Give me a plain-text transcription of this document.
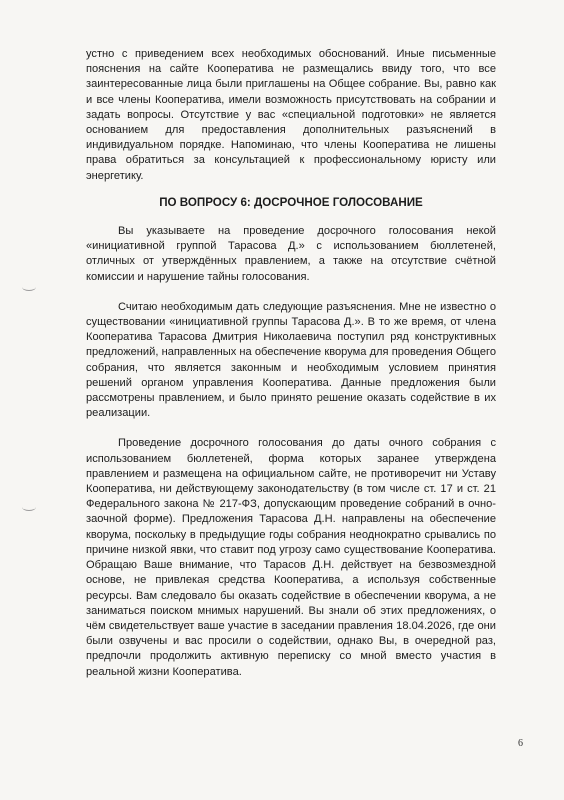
устно с приведением всех необходимых обоснований. Иные письменные пояснения на сайте Кооператива не размещались ввиду того, что все заинтересованные лица были приглашены на Общее собрание. Вы, равно как и все члены Кооператива, имели возможность присутствовать на собрании и задать вопросы. Отсутствие у вас «специальной подготовки» не является основанием для предоставления дополнительных разъяснений в индивидуальном порядке. Напоминаю, что члены Кооператива не лишены права обратиться за консультацией к профессиональному юристу или энергетику.

ПО ВОПРОСУ 6: ДОСРОЧНОЕ ГОЛОСОВАНИЕ

Вы указываете на проведение досрочного голосования некой «инициативной группой Тарасова Д.» с использованием бюллетеней, отличных от утверждённых правлением, а также на отсутствие счётной комиссии и нарушение тайны голосования.

Считаю необходимым дать следующие разъяснения. Мне не известно о существовании «инициативной группы Тарасова Д.». В то же время, от члена Кооператива Тарасова Дмитрия Николаевича поступил ряд конструктивных предложений, направленных на обеспечение кворума для проведения Общего собрания, что является законным и необходимым условием принятия решений органом управления Кооператива. Данные предложения были рассмотрены правлением, и было принято решение оказать содействие в их реализации.

Проведение досрочного голосования до даты очного собрания с использованием бюллетеней, форма которых заранее утверждена правлением и размещена на официальном сайте, не противоречит ни Уставу Кооператива, ни действующему законодательству (в том числе ст. 17 и ст. 21 Федерального закона № 217-ФЗ, допускающим проведение собраний в очно-заочной форме). Предложения Тарасова Д.Н. направлены на обеспечение кворума, поскольку в предыдущие годы собрания неоднократно срывались по причине низкой явки, что ставит под угрозу само существование Кооператива. Обращаю Ваше внимание, что Тарасов Д.Н. действует на безвозмездной основе, не привлекая средства Кооператива, а используя собственные ресурсы. Вам следовало бы оказать содействие в обеспечении кворума, а не заниматься поиском мнимых нарушений. Вы знали об этих предложениях, о чём свидетельствует ваше участие в заседании правления 18.04.2026, где они были озвучены и вас просили о содействии, однако Вы, в очередной раз, предпочли продолжить активную переписку со мной вместо участия в реальной жизни Кооператива.

6
